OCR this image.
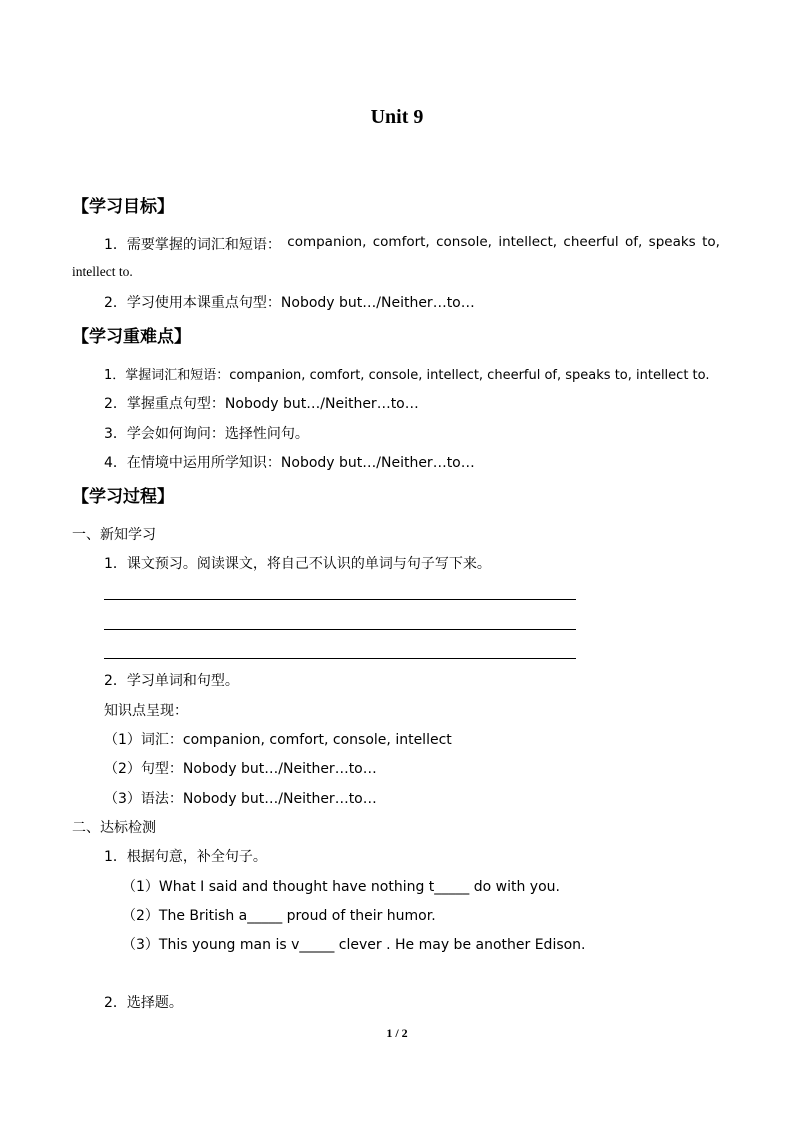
Unit 9
【学习目标】
1．需要掌握的词汇和短语： companion, comfort, console, intellect, cheerful of, speaks to,
intellect to.
2．学习使用本课重点句型：Nobody but…/Neither…to…
【学习重难点】
1．掌握词汇和短语：companion, comfort, console, intellect, cheerful of, speaks to, intellect to.
2．掌握重点句型：Nobody but…/Neither…to…
3．学会如何询问：选择性问句。
4．在情境中运用所学知识：Nobody but…/Neither…to…
【学习过程】
一、新知学习
1．课文预习。阅读课文，将自己不认识的单词与句子写下来。
2．学习单词和句型。
知识点呈现：
（1）词汇：companion, comfort, console, intellect
（2）句型：Nobody but…/Neither…to…
（3）语法：Nobody but…/Neither…to…
二、达标检测
1．根据句意，补全句子。
（1）What I said and thought have nothing t_____ do with you.
（2）The British a_____ proud of their humor.
（3）This young man is v_____ clever . He may be another Edison.
2．选择题。
1 / 2
